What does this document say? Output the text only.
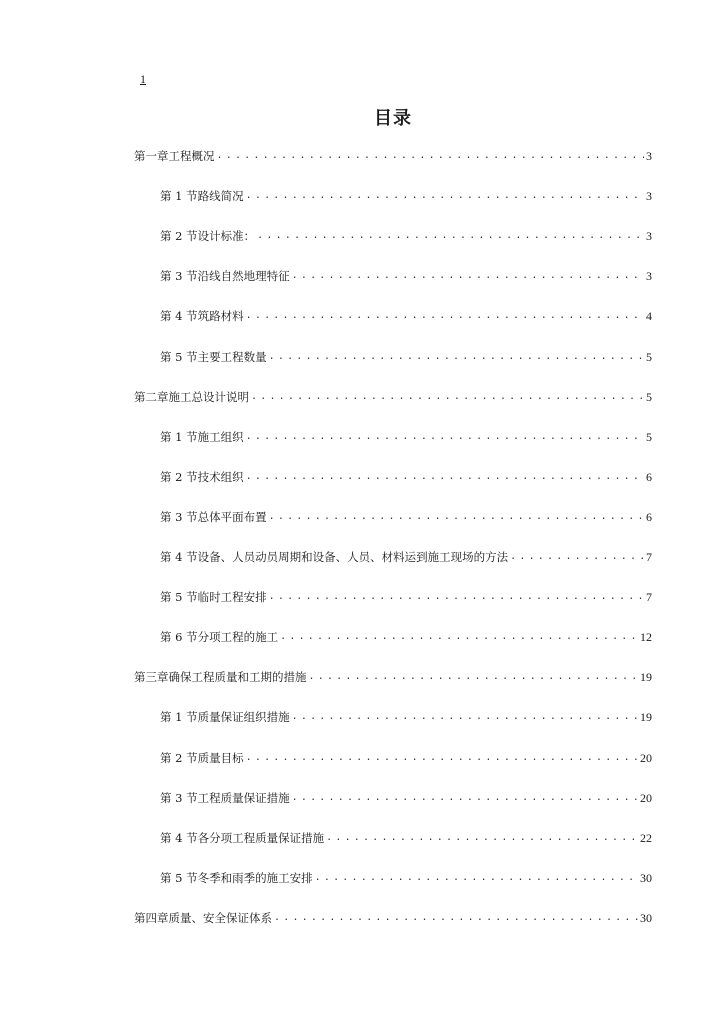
1
目录
第一章 工程概况 .....	3
第 1 节 路线简况 .....	3
第 2 节 设计标准： .....	3
第 3 节 沿线自然地理特征 .....	3
第 4 节 筑路材料 .....	4
第 5 节 主要工程数量 .....	5
第二章 施工总设计说明 .....	5
第 1 节 施工组织 .....	5
第 2 节 技术组织 .....	6
第 3 节 总体平面布置 .....	6
第 4 节 设备、人员动员周期和设备、人员、材料运到施工现场的方法 .....	7
第 5 节 临时工程安排 .....	7
第 6 节 分项工程的施工 .....	12
第三章 确保工程质量和工期的措施 .....	19
第 1 节 质量保证组织措施 .....	19
第 2 节 质量目标 .....	20
第 3 节 工程质量保证措施 .....	20
第 4 节 各分项工程质量保证措施 .....	22
第 5 节 冬季和雨季的施工安排 .....	30
第四章 质量、安全保证体系 .....	30
